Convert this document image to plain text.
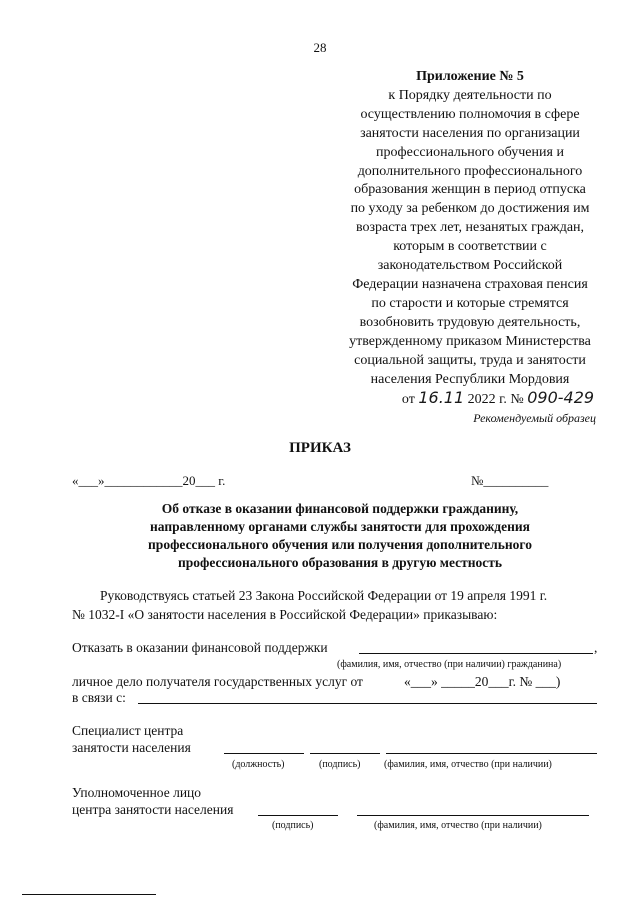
28
Приложение № 5
к Порядку деятельности по
осуществлению полномочия в сфере
занятости населения по организации
профессионального обучения и
дополнительного профессионального
образования женщин в период отпуска
по уходу за ребенком до достижения им
возраста трех лет, незанятых граждан,
которым в соответствии с
законодательством Российской
Федерации назначена страховая пенсия
по старости и которые стремятся
возобновить трудовую деятельность,
утвержденному приказом Министерства
социальной защиты, труда и занятости
населения Республики Мордовия
от 16.11 2022 г. № 090-429
Рекомендуемый образец
ПРИКАЗ
«___»____________20___ г.	№__________
Об отказе в оказании финансовой поддержки гражданину,
направленному органами службы занятости для прохождения
профессионального обучения или получения дополнительного
профессионального образования в другую местность
Руководствуясь статьей 23 Закона Российской Федерации от 19 апреля 1991 г.
№ 1032-I «О занятости населения в Российской Федерации» приказываю:
Отказать в оказании финансовой поддержки	,
(фамилия, имя, отчество (при наличии) гражданина)
личное дело получателя государственных услуг от	«___» _____20___г. № ___)
в связи с:
Специалист центра
занятости населения
(должность)	(подпись) (фамилия, имя, отчество (при наличии)
Уполномоченное лицо
центра занятости населения
(подпись)	(фамилия, имя, отчество (при наличии)
